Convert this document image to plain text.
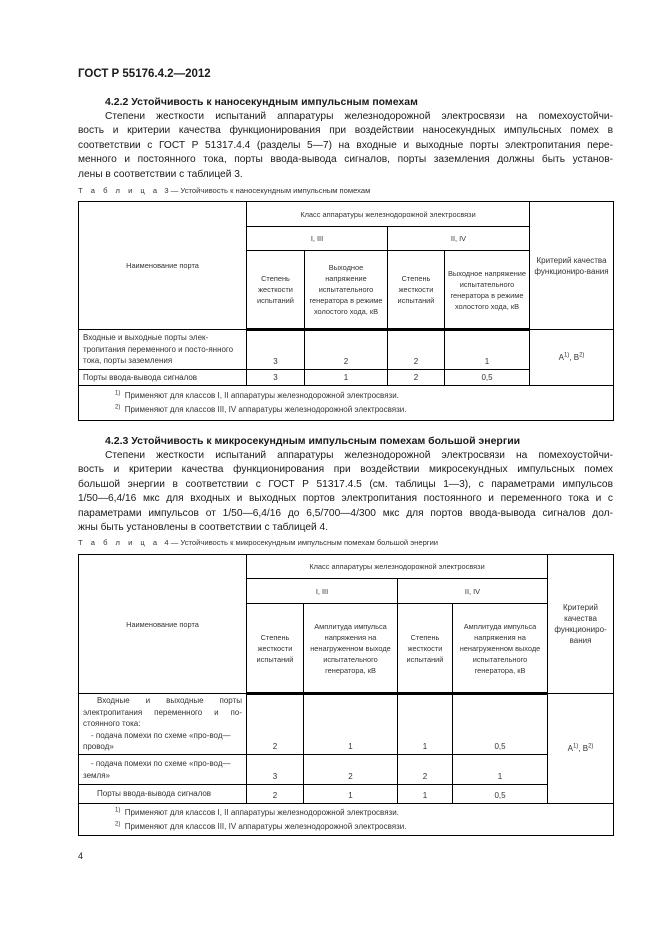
ГОСТ Р 55176.4.2—2012
4.2.2 Устойчивость к наносекундным импульсным помехам
Степени жесткости испытаний аппаратуры железнодорожной электросвязи на помехоустойчи-
вость и критерии качества функционирования при воздействии наносекундных импульсных помех в
соответствии с ГОСТ Р 51317.4.4 (разделы 5—7) на входные и выходные порты электропитания пере-
менного и постоянного тока, порты ввода-вывода сигналов, порты заземления должны быть установ-
лены в соответствии с таблицей 3.
Т а б л и ц а 3 — Устойчивость к наносекундным импульсным помехам
Наименование порта	Класс аппаратуры железнодорожной электросвязи				Критерий качества функциониро-вания
	I, III		II, IV		
	Степень жесткости испытаний	Выходное напряжение испытательного генератора в режиме холостого хода, кВ	Степень жесткости испытаний	Выходное напряжение испытательного генератора в режиме холостого хода, кВ	
Входные и выходные порты элек-тропитания переменного и посто-янного тока, порты заземления	3	2	2	1	$А^{1)}$, $В^{2)}$
Порты ввода-вывода сигналов	3	1	2	0,5	

$^{1)}$ Применяют для классов I, II аппаратуры железнодорожной электросвязи.
$^{2)}$ Применяют для классов III, IV аппаратуры железнодорожной электросвязи.					
4.2.3 Устойчивость к микросекундным импульсным помехам большой энергии
Степени жесткости испытаний аппаратуры железнодорожной электросвязи на помехоустойчи-
вость и критерии качества функционирования при воздействии микросекундных импульсных помех
большой энергии в соответствии с ГОСТ Р 51317.4.5 (см. таблицы 1—3), с параметрами импульсов
1/50—6,4/16 мкс для входных и выходных портов электропитания постоянного и переменного тока и с
параметрами импульсов от 1/50—6,4/16 до 6,5/700—4/300 мкс для портов ввода-вывода сигналов дол-
жны быть установлены в соответствии с таблицей 4.
Т а б л и ц а 4 — Устойчивость к микросекундным импульсным помехам большой энергии
Наименование порта	Класс аппаратуры железнодорожной электросвязи				Критерий качества функциониро-вания
	I, III		II, IV		
	Степень жесткости испытаний	Амплитуда импульса напряжения на ненагруженном выходе испытательного генератора, кВ	Степень жесткости испытаний	Амплитуда импульса напряжения на ненагруженном выходе испытательного генератора, кВ	

Входные и выходные порты электропитания переменного и по-стоянного тока:
- подача помехи по схеме «про-вод—провод»	2	1	1	0,5	$А^{1)}$, $В^{2)}$
- подача помехи по схеме «про-вод—земля»	3	2	2	1	
Порты ввода-вывода сигналов	2	1	1	0,5	

$^{1)}$ Применяют для классов I, II аппаратуры железнодорожной электросвязи.
$^{2)}$ Применяют для классов III, IV аппаратуры железнодорожной электросвязи.					
4
